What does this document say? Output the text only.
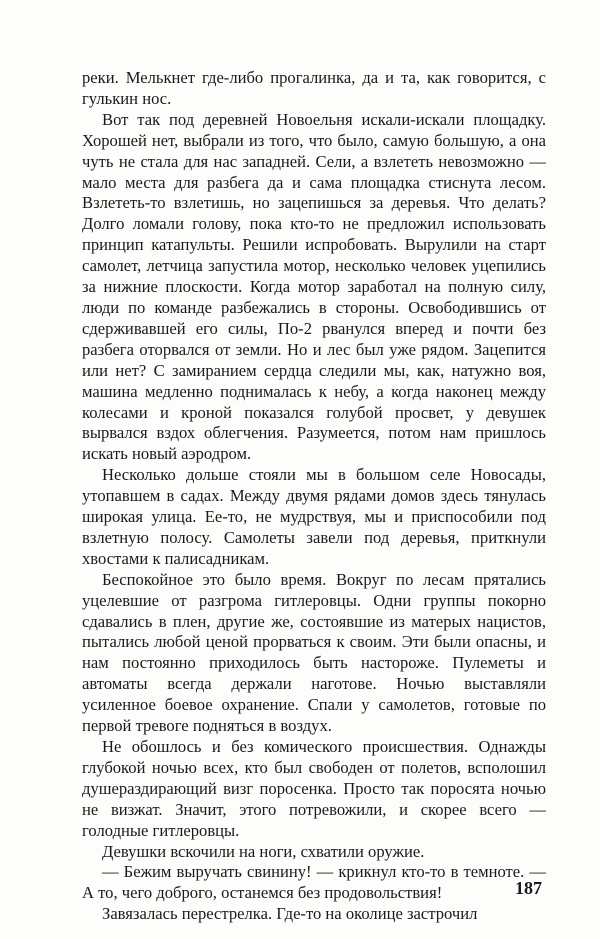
реки. Мелькнет где-либо прогалинка, да и та, как говорится, с гулькин нос.

Вот так под деревней Новоельня искали-искали площадку. Хорошей нет, выбрали из того, что было, самую большую, а она чуть не стала для нас западней. Сели, а взлететь невозможно — мало места для разбега да и сама площадка стиснута лесом. Взлететь-то взлетишь, но зацепишься за деревья. Что делать? Долго ломали голову, пока кто-то не предложил использовать принцип катапульты. Решили испробовать. Вырулили на старт самолет, летчица запустила мотор, несколько человек уцепились за нижние плоскости. Когда мотор заработал на полную силу, люди по команде разбежались в стороны. Освободившись от сдерживавшей его силы, По-2 рванулся вперед и почти без разбега оторвался от земли. Но и лес был уже рядом. Зацепится или нет? С замиранием сердца следили мы, как, натужно воя, машина медленно поднималась к небу, а когда наконец между колесами и кроной показался голубой просвет, у девушек вырвался вздох облегчения. Разумеется, потом нам пришлось искать новый аэродром.

Несколько дольше стояли мы в большом селе Новосады, утопавшем в садах. Между двумя рядами домов здесь тянулась широкая улица. Ее-то, не мудрствуя, мы и приспособили под взлетную полосу. Самолеты завели под деревья, приткнули хвостами к палисадникам.

Беспокойное это было время. Вокруг по лесам прятались уцелевшие от разгрома гитлеровцы. Одни группы покорно сдавались в плен, другие же, состоявшие из матерых нацистов, пытались любой ценой прорваться к своим. Эти были опасны, и нам постоянно приходилось быть настороже. Пулеметы и автоматы всегда держали наготове. Ночью выставляли усиленное боевое охранение. Спали у самолетов, готовые по первой тревоге подняться в воздух.

Не обошлось и без комического происшествия. Однажды глубокой ночью всех, кто был свободен от полетов, всполошил душераздирающий визг поросенка. Просто так поросята ночью не визжат. Значит, этого потревожили, и скорее всего — голодные гитлеровцы.

Девушки вскочили на ноги, схватили оружие.

— Бежим выручать свинину! — крикнул кто-то в темноте. — А то, чего доброго, останемся без продовольствия!

Завязалась перестрелка. Где-то на околице застрочил

187
